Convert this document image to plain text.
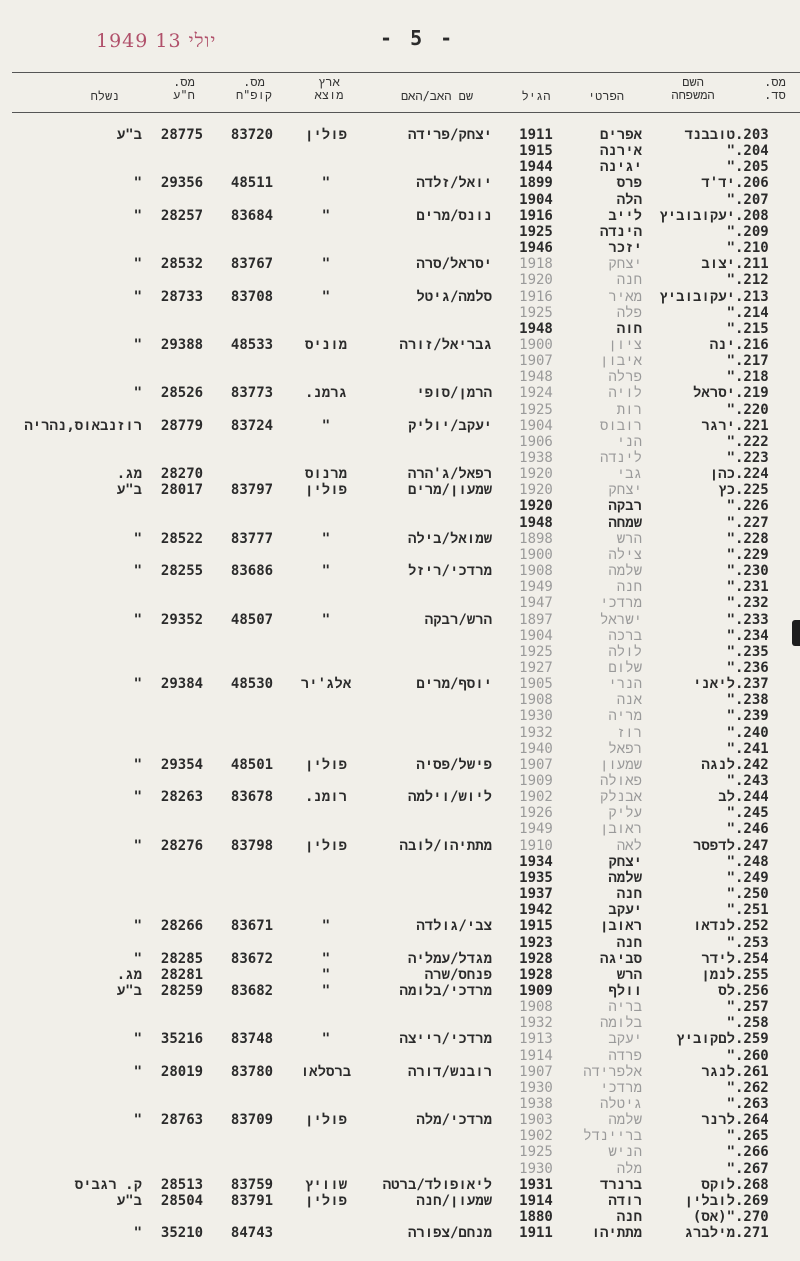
1949 יולי 13	- 5 -
מס.
סד.
השם
המשפחה
הפרטי
הגיל
שם האב/האם
ארץ
מוצא
מס.
קופ"ח
מס.
ח"ע
נשלח
.203
טובבנד
אפרים
1911
יצחק/פרידה
פולין
83720
28775
ב"ע
.204
"
אירנה
1915
.205
"
יגינה
1944
.206
יד'ד
פרס
1899
יואל/זלדה
"
48511
29356
"
.207
"
הלה
1904
.208
יעקובוביץ
לייב
1916
נונס/מרים
"
83684
28257
"
.209
"
הינדה
1925
.210
"
יזכר
1946
.211
יצוב
יצחק
1918
יסראל/סרה
"
83767
28532
"
.212
"
חנה
1920
.213
יעקובוביץ
מאיר
1916
סלמה/גיטל
"
83708
28733
"
.214
"
פלה
1925
.215
"
חוה
1948
.216
ינה
ציון
1900
גבריאל/זורה
מוניס
48533
29388
"
.217
"
איבון
1907
.218
"
פרלה
1948
.219
יסראל
לויה
1924
הרמן/סופי
גרמנ.
83773
28526
"
.220
"
רות
1925
.221
ירגר
רובוס
1904
יעקב/יוליק
"
83724
28779
רוזנבאוס,נהריה
.222
"
הני
1906
.223
"
לינדה
1938
.224
כהן
גבי
1920
רפאל/ג'הרה
מרנוס
28270
מג.
.225
כץ
יצחק
1920
שמעון/מרים
פולין
83797
28017
ב"ע
.226
"
רבקה
1920
.227
"
שמחה
1948
.228
"
הרש
1898
שמואל/בילה
"
83777
28522
"
.229
"
צילה
1900
.230
"
שלמה
1908
מרדכי/ריזל
"
83686
28255
"
.231
"
חנה
1949
.232
"
מרדכי
1947
.233
"
ישראל
1897
הרש/רבקה
"
48507
29352
"
.234
"
ברכה
1904
.235
"
לולה
1925
.236
"
שלום
1927
.237
ליאני
הנרי
1905
יוסף/מרים
אלג'יר
48530
29384
"
.238
"
אנה
1908
.239
"
מריה
1930
.240
"
רוז
1932
.241
"
רפאל
1940
.242
לנגה
שמעון
1907
פישל/פסיה
פולין
48501
29354
"
.243
"
פאולה
1909
.244
לב
אבנלק
1902
ליוש/וילמה
רומנ.
83678
28263
"
.245
"
עליק
1926
.246
"
ראובן
1949
.247
לדפסר
לאה
1910
מתתיהו/לובה
פולין
83798
28276
"
.248
"
יצחק
1934
.249
"
שלמה
1935
.250
"
חנה
1937
.251
"
יעקב
1942
.252
לנדאו
ראובן
1915
צבי/גולדה
"
83671
28266
"
.253
"
חנה
1923
.254
לידר
סביגה
1928
מגדל/עמליה
"
83672
28285
"
.255
לנמן
הרש
1928
פנחס/שרה
"
28281
מג.
.256
לס
וולף
1909
מרדכי/בלומה
"
83682
28259
ב"ע
.257
"
בריה
1908
.258
"
בלומה
1932
.259
לםקוביץ
יעקב
1913
מרדכי/רייצה
"
83748
35216
"
.260
"
פרדה
1914
.261
לנגר
אלפרידה
1907
רובנש/דורה
ברסלאו
83780
28019
"
.262
"
מרדכי
1930
.263
"
גיטלה
1938
.264
לרנר
שלמה
1903
מרדכי/מלה
פולין
83709
28763
"
.265
"
בריינדל
1902
.266
"
הניש
1925
.267
"
מלה
1930
.268
לוקס
ברנרד
1931
ליאופולד/ברטה
שוויץ
83759
28513
ק. רגביס
.269
לובלין
רודה
1914
שמעון/חנה
פולין
83791
28504
ב"ע
.270
"(אס)
חנה
1880
.271
מילברג
מתתיהו
1911
מנחם/צפורה
84743
35210
"
